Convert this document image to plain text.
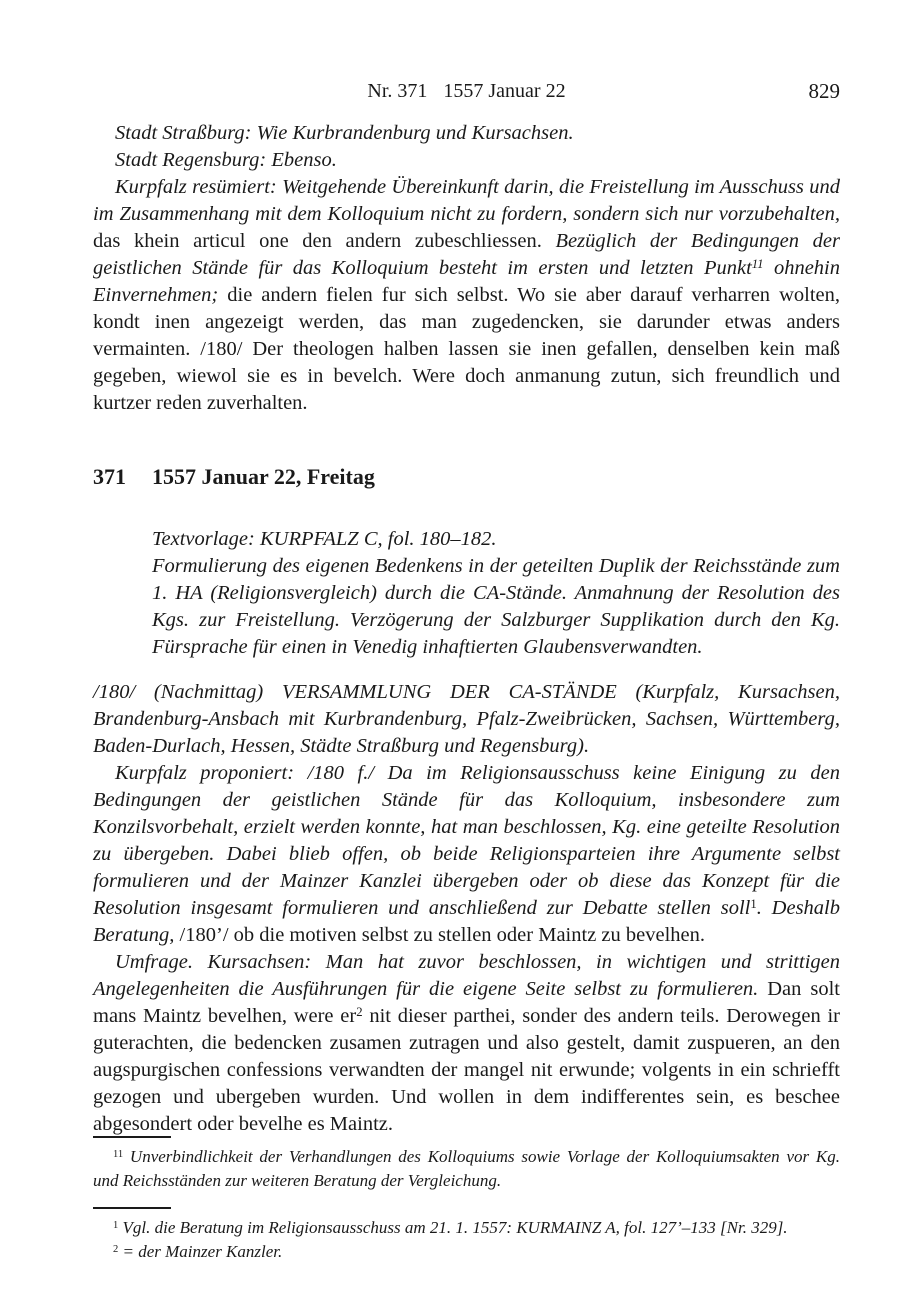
Nr. 371 1557 Januar 22	829

Stadt Straßburg: Wie Kurbrandenburg und Kursachsen.

Stadt Regensburg: Ebenso.

Kurpfalz resümiert: Weitgehende Übereinkunft darin, die Freistellung im Ausschuss und im Zusammenhang mit dem Kolloquium nicht zu fordern, sondern sich nur vorzubehalten, das khein articul one den andern zubeschliessen. Bezüglich der Bedingungen der geistlichen Stände für das Kolloquium besteht im ersten und letzten Punkt$^{11}$ ohnehin Einvernehmen; die andern fielen fur sich selbst. Wo sie aber darauf verharren wolten, kondt inen angezeigt werden, das man zugedencken, sie darunder etwas anders vermainten. /180/ Der theologen halben lassen sie inen gefallen, denselben kein maß gegeben, wiewol sie es in bevelch. Were doch anmanung zutun, sich freundlich und kurtzer reden zuverhalten.

371	1557 Januar 22, Freitag

Textvorlage: KURPFALZ C, fol. 180–182.

Formulierung des eigenen Bedenkens in der geteilten Duplik der Reichsstände zum 1. HA (Religionsvergleich) durch die CA-Stände. Anmahnung der Resolution des Kgs. zur Freistellung. Verzögerung der Salzburger Supplikation durch den Kg. Fürsprache für einen in Venedig inhaftierten Glaubensverwandten.

/180/ (Nachmittag) VERSAMMLUNG DER CA-STÄNDE (Kurpfalz, Kursachsen, Brandenburg-Ansbach mit Kurbrandenburg, Pfalz-Zweibrücken, Sachsen, Württemberg, Baden-Durlach, Hessen, Städte Straßburg und Regensburg).

Kurpfalz proponiert: /180 f./ Da im Religionsausschuss keine Einigung zu den Bedingungen der geistlichen Stände für das Kolloquium, insbesondere zum Konzilsvorbehalt, erzielt werden konnte, hat man beschlossen, Kg. eine geteilte Resolution zu übergeben. Dabei blieb offen, ob beide Religionsparteien ihre Argumente selbst formulieren und der Mainzer Kanzlei übergeben oder ob diese das Konzept für die Resolution insgesamt formulieren und anschließend zur Debatte stellen soll$^1$. Deshalb Beratung, /180’/ ob die motiven selbst zu stellen oder Maintz zu bevelhen.

Umfrage. Kursachsen: Man hat zuvor beschlossen, in wichtigen und strittigen Angelegenheiten die Ausführungen für die eigene Seite selbst zu formulieren. Dan solt mans Maintz bevelhen, were $er^2$ nit dieser parthei, sonder des andern teils. Derowegen ir guterachten, die bedencken zusamen zutragen und also gestelt, damit zuspueren, an den augspurgischen confessions verwandten der mangel nit erwunde; volgents in ein schriefft gezogen und ubergeben wurden. Und wollen in dem indifferentes sein, es beschee abgesondert oder bevelhe es Maintz.

$^{11}$ Unverbindlichkeit der Verhandlungen des Kolloquiums sowie Vorlage der Kolloquiumsakten vor Kg. und Reichsständen zur weiteren Beratung der Vergleichung.

$^1$ Vgl. die Beratung im Religionsausschuss am 21. 1. 1557: KURMAINZ A, fol. 127’–133 [Nr. 329].

$^2$ = der Mainzer Kanzler.
